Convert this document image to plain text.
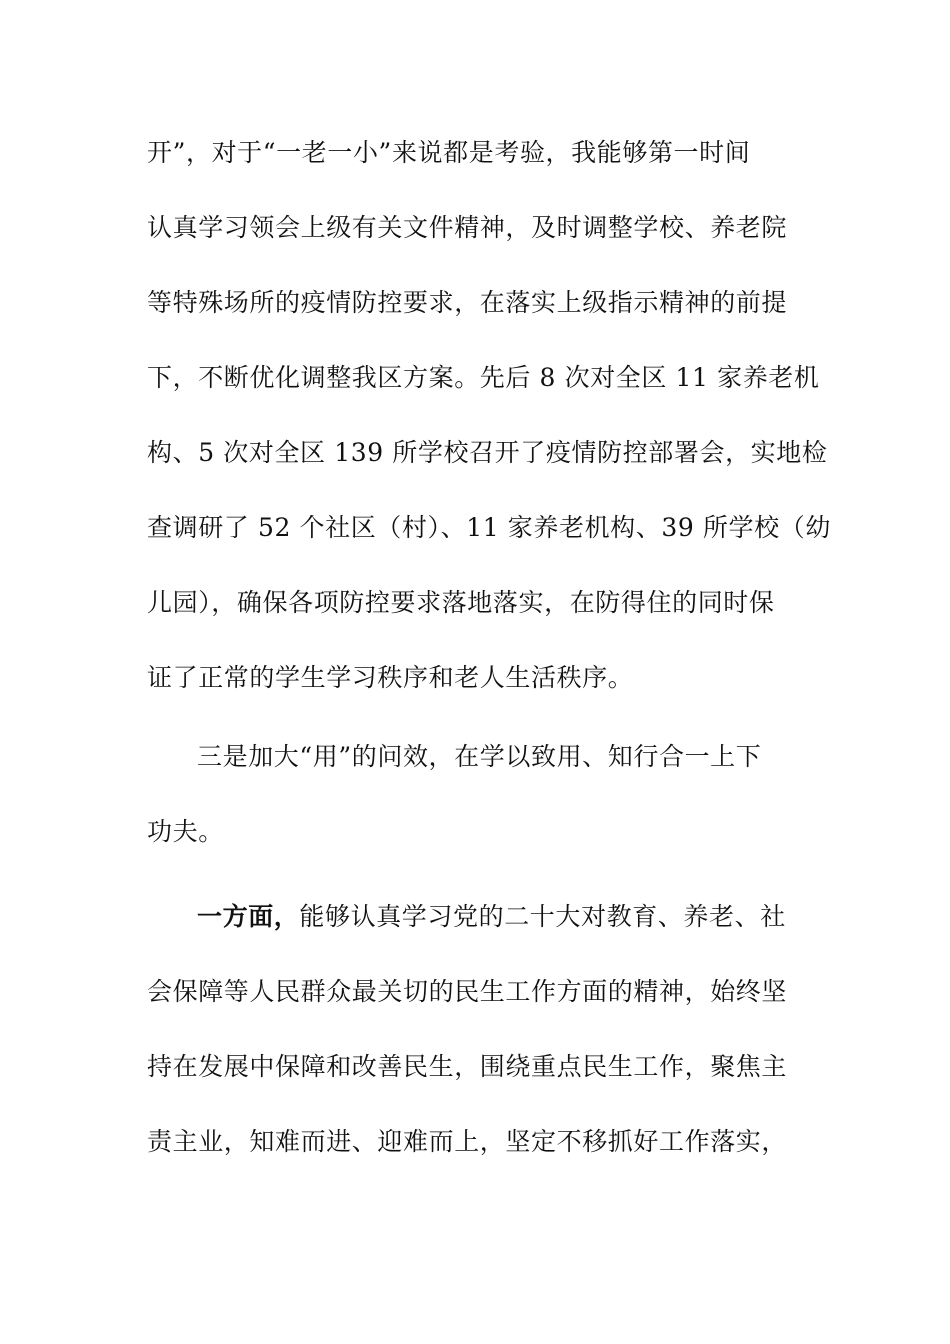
开”，对于“一老一小”来说都是考验，我能够第一时间
认真学习领会上级有关文件精神，及时调整学校、养老院
等特殊场所的疫情防控要求，在落实上级指示精神的前提
下，不断优化调整我区方案。先后 8 次对全区 11 家养老机
构、5 次对全区 139 所学校召开了疫情防控部署会，实地检
查调研了 52 个社区（村）、11 家养老机构、39 所学校（幼
儿园），确保各项防控要求落地落实，在防得住的同时保
证了正常的学生学习秩序和老人生活秩序。
三是加大“用”的问效，在学以致用、知行合一上下
功夫。
一方面，能够认真学习党的二十大对教育、养老、社
会保障等人民群众最关切的民生工作方面的精神，始终坚
持在发展中保障和改善民生，围绕重点民生工作，聚焦主
责主业，知难而进、迎难而上，坚定不移抓好工作落实，
